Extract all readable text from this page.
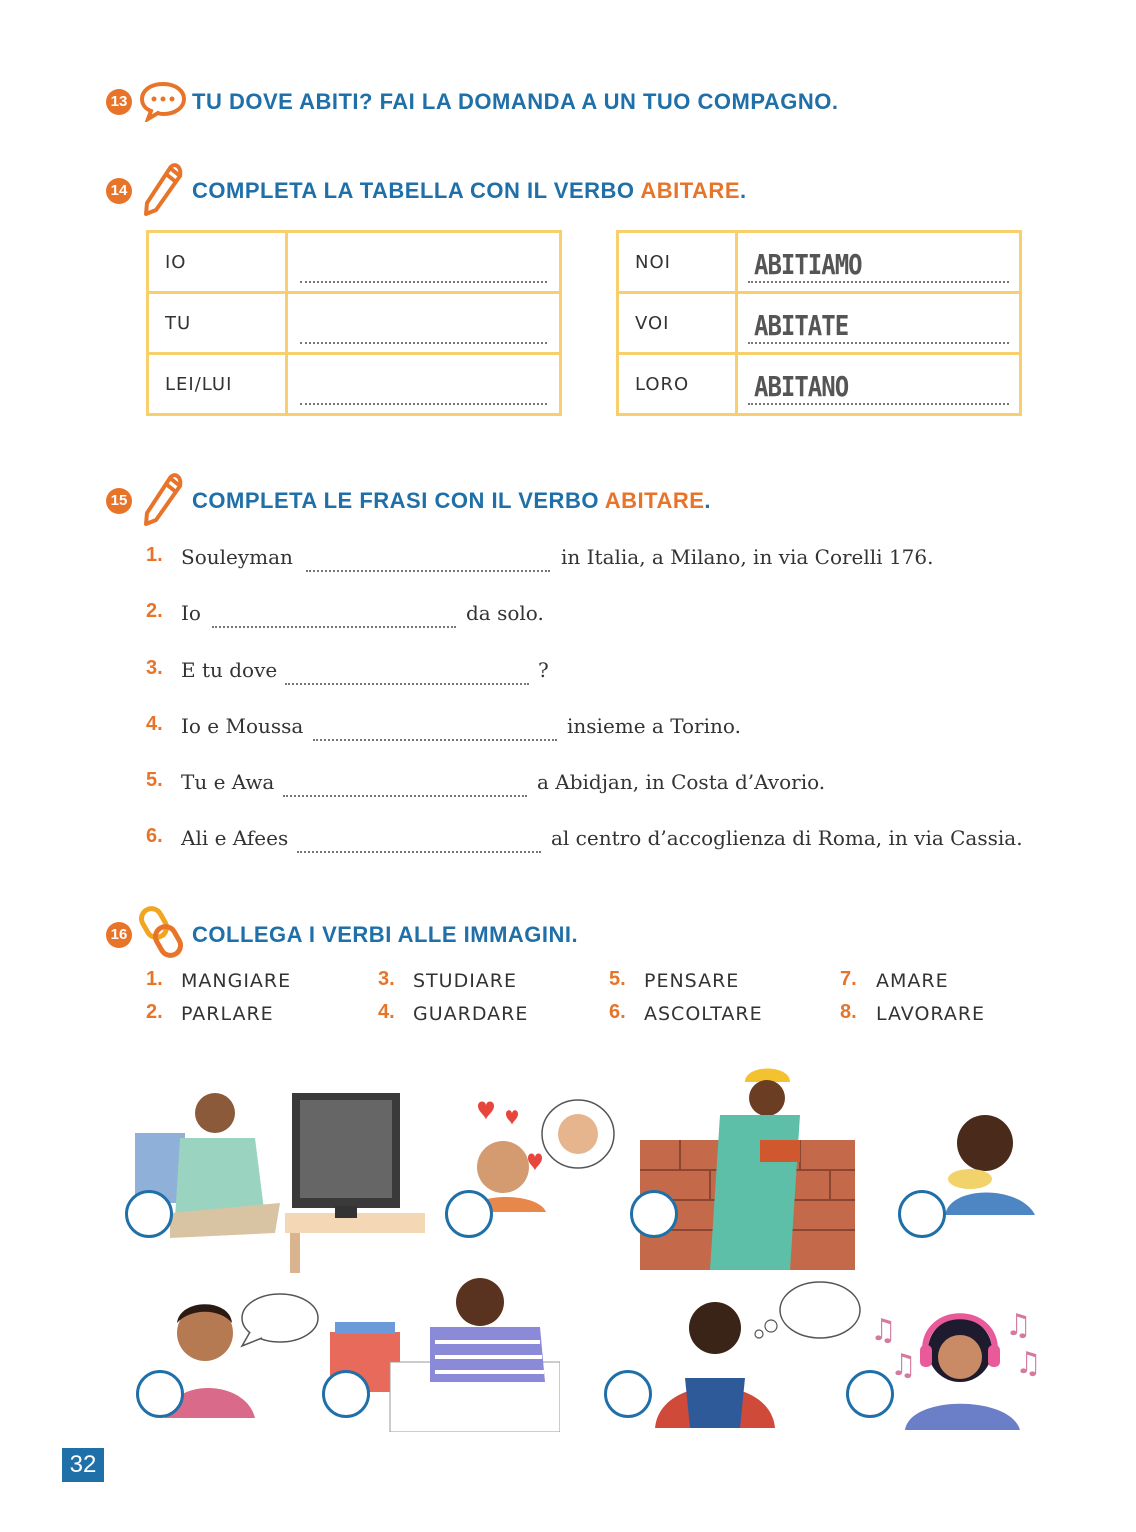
13	TU DOVE ABITI? FAI LA DOMANDA A UN TUO COMPAGNO.
14	COMPLETA LA TABELLA CON IL VERBO ABITARE.
IO	

TU	

LEI/LUI	
NOI	ABITIAMO

VOI	ABITATE

LORO	ABITANO
15	COMPLETA LE FRASI CON IL VERBO ABITARE.
1. Souleyman	in Italia, a Milano, in via Corelli 176.
2. Io	da solo.
3. E tu dove	?
4. Io e Moussa	insieme a Torino.
5. Tu e Awa	a Abidjan, in Costa d’Avorio.
6. Ali e Afees	al centro d’accoglienza di Roma, in via Cassia.
16	COLLEGA I VERBI ALLE IMMAGINI.
1. MANGIARE
2. PARLARE
3. STUDIARE
4. GUARDARE
5. PENSARE
6. ASCOLTARE
7. AMARE
8. LAVORARE
♫
♫
♫
♫
32
